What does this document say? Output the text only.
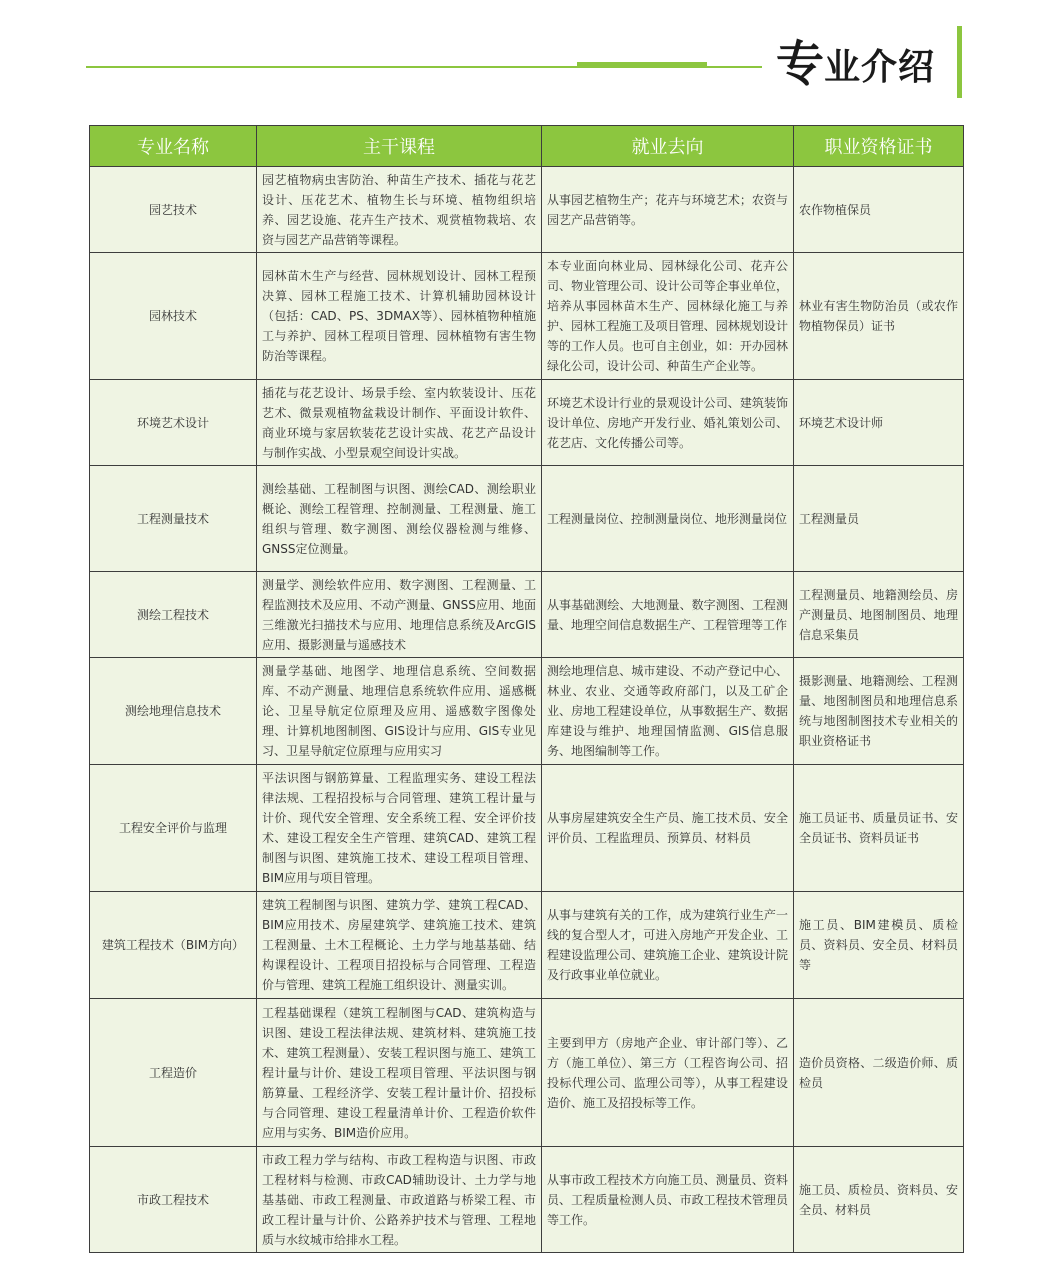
专 业介绍
专业名称	主干课程	就业去向	职业资格证书
园艺技术	园艺植物病虫害防治、种苗生产技术、插花与花艺设计、压花艺术、植物生长与环境、植物组织培养、园艺设施、花卉生产技术、观赏植物栽培、农资与园艺产品营销等课程。	从事园艺植物生产；花卉与环境艺术；农资与园艺产品营销等。	农作物植保员
园林技术	园林苗木生产与经营、园林规划设计、园林工程预决算、园林工程施工技术、计算机辅助园林设计（包括：CAD、PS、3DMAX等）、园林植物种植施工与养护、园林工程项目管理、园林植物有害生物防治等课程。	本专业面向林业局、园林绿化公司、花卉公司、物业管理公司、设计公司等企事业单位，培养从事园林苗木生产、园林绿化施工与养护、园林工程施工及项目管理、园林规划设计等的工作人员。也可自主创业，如：开办园林绿化公司，设计公司、种苗生产企业等。	林业有害生物防治员（或农作物植物保员）证书
环境艺术设计	插花与花艺设计、场景手绘、室内软装设计、压花艺术、微景观植物盆栽设计制作、平面设计软件、商业环境与家居软装花艺设计实战、花艺产品设计与制作实战、小型景观空间设计实战。	环境艺术设计行业的景观设计公司、建筑装饰设计单位、房地产开发行业、婚礼策划公司、花艺店、文化传播公司等。	环境艺术设计师
工程测量技术	测绘基础、工程制图与识图、测绘CAD、测绘职业概论、测绘工程管理、控制测量、工程测量、施工组织与管理、数字测图、测绘仪器检测与维修、GNSS定位测量。	工程测量岗位、控制测量岗位、地形测量岗位	工程测量员
测绘工程技术	测量学、测绘软件应用、数字测图、工程测量、工程监测技术及应用、不动产测量、GNSS应用、地面三维激光扫描技术与应用、地理信息系统及ArcGIS应用、摄影测量与遥感技术	从事基础测绘、大地测量、数字测图、工程测量、地理空间信息数据生产、工程管理等工作	工程测量员、地籍测绘员、房产测量员、地图制图员、地理信息采集员
测绘地理信息技术	测量学基础、地图学、地理信息系统、空间数据库、不动产测量、地理信息系统软件应用、遥感概论、卫星导航定位原理及应用、遥感数字图像处理、计算机地图制图、GIS设计与应用、GIS专业见习、卫星导航定位原理与应用实习	测绘地理信息、城市建设、不动产登记中心、林业、农业、交通等政府部门，以及工矿企业、房地工程建设单位，从事数据生产、数据库建设与维护、地理国情监测、GIS信息服务、地图编制等工作。	摄影测量、地籍测绘、工程测量、地图制图员和地理信息系统与地图制图技术专业相关的职业资格证书
工程安全评价与监理	平法识图与钢筋算量、工程监理实务、建设工程法律法规、工程招投标与合同管理、建筑工程计量与计价、现代安全管理、安全系统工程、安全评价技术、建设工程安全生产管理、建筑CAD、建筑工程制图与识图、建筑施工技术、建设工程项目管理、BIM应用与项目管理。	从事房屋建筑安全生产员、施工技术员、安全评价员、工程监理员、预算员、材料员	施工员证书、质量员证书、安全员证书、资料员证书
建筑工程技术（BIM方向）	建筑工程制图与识图、建筑力学、建筑工程CAD、BIM应用技术、房屋建筑学、建筑施工技术、建筑工程测量、土木工程概论、土力学与地基基础、结构课程设计、工程项目招投标与合同管理、工程造价与管理、建筑工程施工组织设计、测量实训。	从事与建筑有关的工作，成为建筑行业生产一线的复合型人才，可进入房地产开发企业、工程建设监理公司、建筑施工企业、建筑设计院及行政事业单位就业。	施工员、BIM建模员、质检员、资料员、安全员、材料员等
工程造价	工程基础课程（建筑工程制图与CAD、建筑构造与识图、建设工程法律法规、建筑材料、建筑施工技术、建筑工程测量）、安装工程识图与施工、建筑工程计量与计价、建设工程项目管理、平法识图与钢筋算量、工程经济学、安装工程计量计价、招投标与合同管理、建设工程量清单计价、工程造价软件应用与实务、BIM造价应用。	主要到甲方（房地产企业、审计部门等）、乙方（施工单位）、第三方（工程咨询公司、招投标代理公司、监理公司等），从事工程建设造价、施工及招投标等工作。	造价员资格、二级造价师、质检员
市政工程技术	市政工程力学与结构、市政工程构造与识图、市政工程材料与检测、市政CAD辅助设计、土力学与地基基础、市政工程测量、市政道路与桥梁工程、市政工程计量与计价、公路养护技术与管理、工程地质与水纹城市给排水工程。	从事市政工程技术方向施工员、测量员、资料员、工程质量检测人员、市政工程技术管理员等工作。	施工员、质检员、资料员、安全员、材料员
